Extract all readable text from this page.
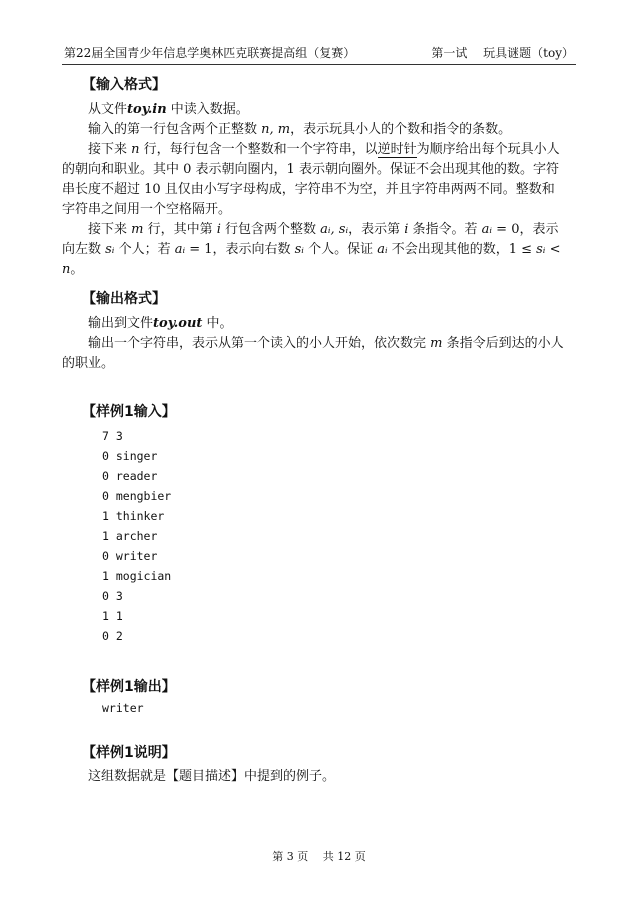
第22届全国青少年信息学奥林匹克联赛提高组（复赛）	第一试　 玩具谜题（toy）
【输入格式】

从文件toy.in 中读入数据。

输入的第一行包含两个正整数 n, m，表示玩具小人的个数和指令的条数。

接下来 n 行，每行包含一个整数和一个字符串，以逆时针为顺序给出每个玩具小人的朝向和职业。其中 0 表示朝向圈内，1 表示朝向圈外。保证不会出现其他的数。字符串长度不超过 10 且仅由小写字母构成，字符串不为空，并且字符串两两不同。整数和字符串之间用一个空格隔开。

接下来 m 行，其中第 i 行包含两个整数 aᵢ, sᵢ，表示第 i 条指令。若 aᵢ = 0，表示向左数 sᵢ 个人；若 aᵢ = 1，表示向右数 sᵢ 个人。保证 aᵢ 不会出现其他的数，1 ≤ sᵢ < n。

【输出格式】

输出到文件toy.out 中。

输出一个字符串，表示从第一个读入的小人开始，依次数完 m 条指令后到达的小人的职业。

【样例1输入】
7 3
0 singer
0 reader
0 mengbier
1 thinker
1 archer
0 writer
1 mogician
0 3
1 1
0 2
【样例1输出】
writer
【样例1说明】

这组数据就是【题目描述】中提到的例子。

第 3 页　 共 12 页
